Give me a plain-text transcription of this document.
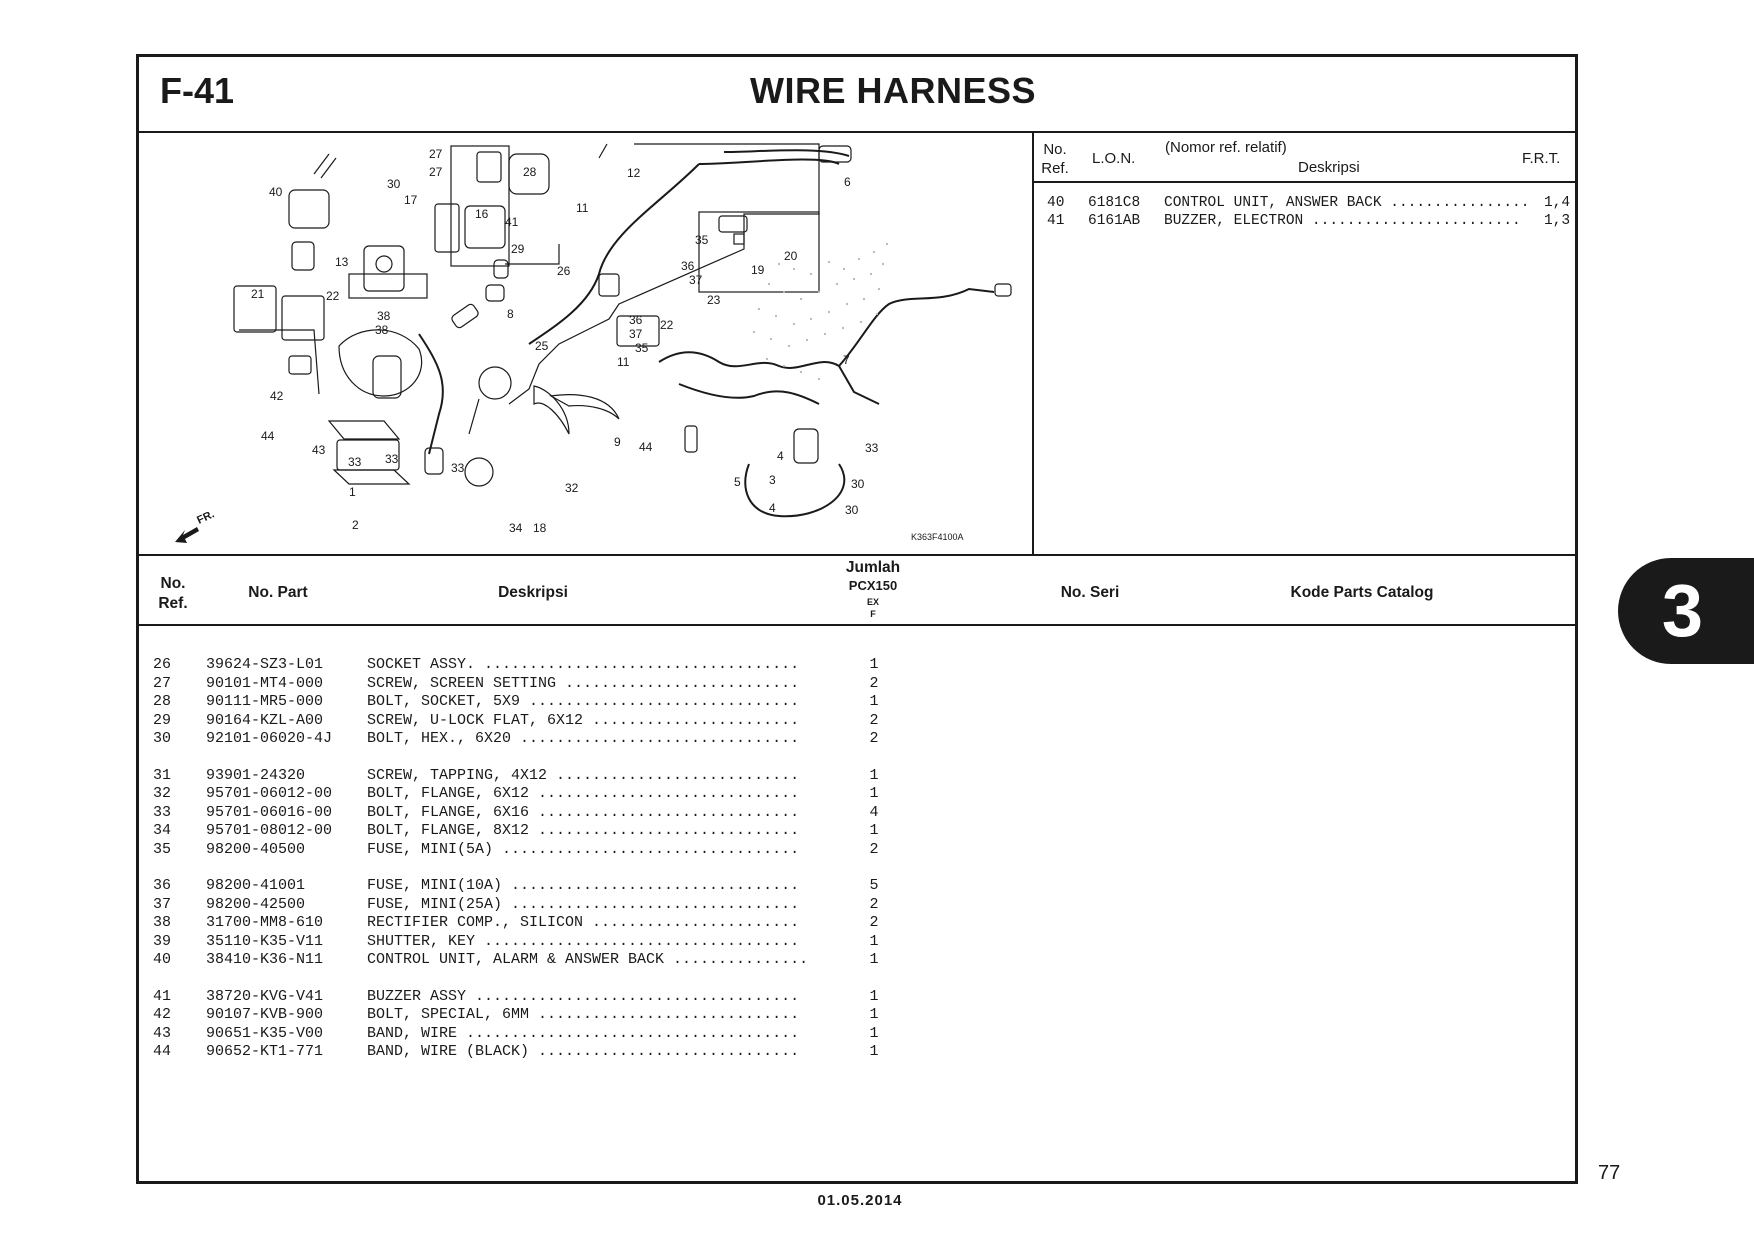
F-41	WIRE HARNESS
FR.
40
13
30
17
27
27
16
28
41
11
29
26
12
6
35
36
37
19
20
23
22
21	22
38
38
8
25
36
37
35
11	7
42
44
43
33 33
33
9 44
32
1
2	34 18
33
4
3
5
4
30
30
K363F4100A
No.
Ref.
L.O.N.
(Nomor ref. relatif)
Deskripsi
F.R.T.
40 6181C8 CONTROL UNIT, ANSWER BACK ................	1,4
41 6161AB BUZZER, ELECTRON ........................	1,3
No.
Ref.
No. Part	Deskripsi
Jumlah
PCX150
EX
F
No. Seri	Kode Parts Catalog
26 39624-SZ3-L01	SOCKET ASSY. ...................................	1
27 90101-MT4-000	SCREW, SCREEN SETTING ..........................	2
28 90111-MR5-000	BOLT, SOCKET, 5X9 ..............................	1
29 90164-KZL-A00	SCREW, U-LOCK FLAT, 6X12 .......................	2
30 92101-06020-4J BOLT, HEX., 6X20 ...............................	2
31 93901-24320	SCREW, TAPPING, 4X12 ...........................	1
32 95701-06012-00 BOLT, FLANGE, 6X12 .............................	1
33 95701-06016-00 BOLT, FLANGE, 6X16 .............................	4
34 95701-08012-00 BOLT, FLANGE, 8X12 .............................	1
35 98200-40500	FUSE, MINI(5A) .................................	2
36 98200-41001	FUSE, MINI(10A) ................................	5
37 98200-42500	FUSE, MINI(25A) ................................	2
38 31700-MM8-610	RECTIFIER COMP., SILICON .......................	2
39 35110-K35-V11	SHUTTER, KEY ...................................	1
40 38410-K36-N11	CONTROL UNIT, ALARM & ANSWER BACK ...............	1
41 38720-KVG-V41	BUZZER ASSY ....................................	1
42 90107-KVB-900	BOLT, SPECIAL, 6MM .............................	1
43 90651-K35-V00	BAND, WIRE .....................................	1
44 90652-KT1-771	BAND, WIRE (BLACK) .............................	1
3
77
01.05.2014
